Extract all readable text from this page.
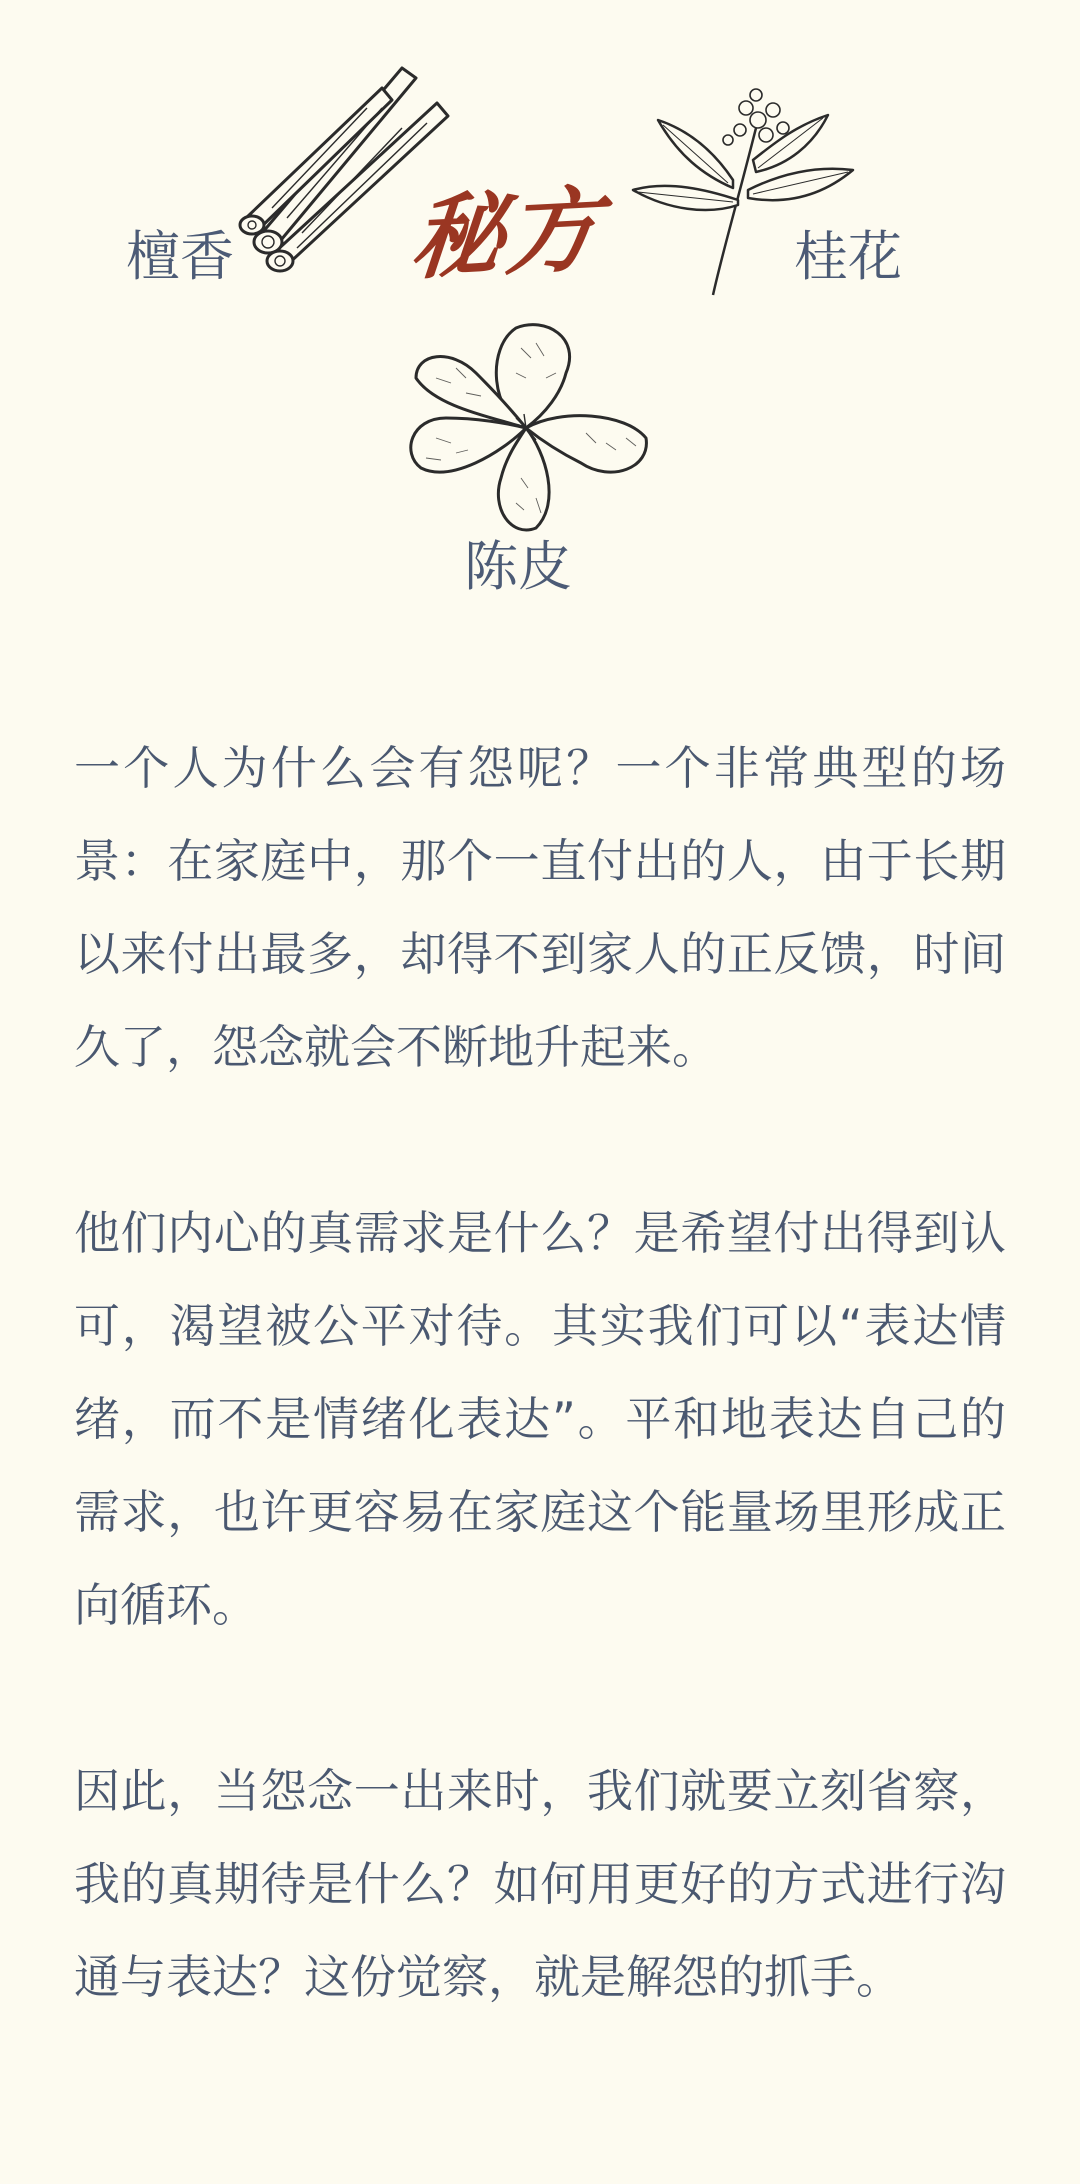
檀香 秘方	桂花
陈皮

一个人为什么会有怨呢？一个非常典型的场景：在家庭中，那个一直付出的人，由于长期以来付出最多，却得不到家人的正反馈，时间久了，怨念就会不断地升起来。

他们内心的真需求是什么？是希望付出得到认可，渴望被公平对待。其实我们可以“表达情绪，而不是情绪化表达”。平和地表达自己的需求，也许更容易在家庭这个能量场里形成正向循环。

因此，当怨念一出来时，我们就要立刻省察，我的真期待是什么？如何用更好的方式进行沟通与表达？这份觉察，就是解怨的抓手。
